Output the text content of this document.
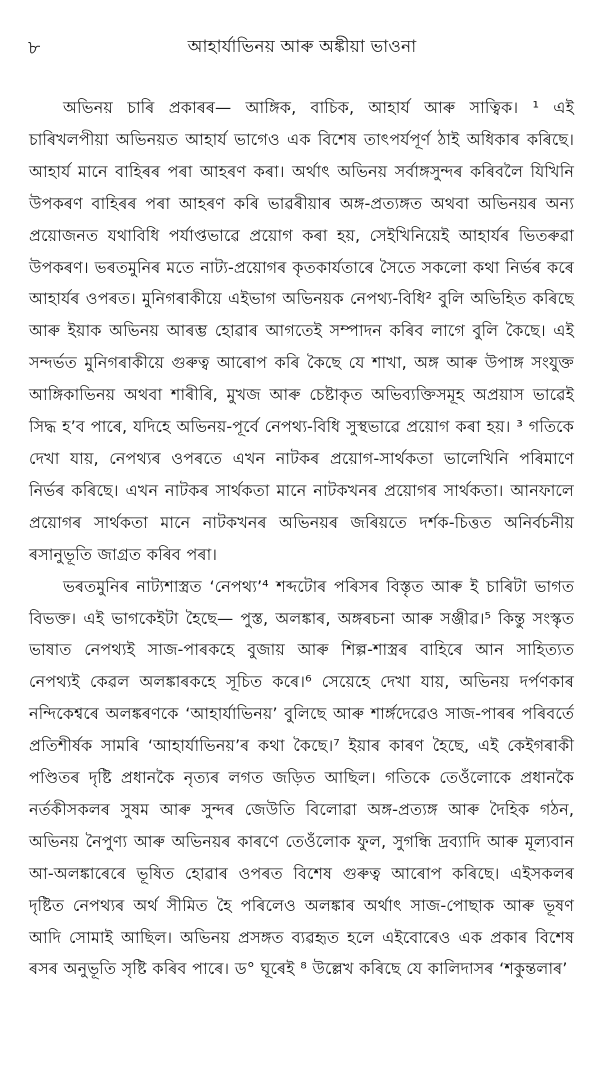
৮	আহাৰ্যাভিনয় আৰু অঙ্কীয়া ভাওনা

অভিনয় চাৰি প্ৰকাৰৰ— আঙ্গিক, বাচিক, আহাৰ্য আৰু সাত্বিক। ¹ এই চাৰিখলপীয়া অভিনয়ত আহাৰ্য ভাগেও এক বিশেষ তাৎপৰ্যপূৰ্ণ ঠাই অধিকাৰ কৰিছে। আহাৰ্য মানে বাহিৰৰ পৰা আহৰণ কৰা। অৰ্থাৎ অভিনয় সৰ্বাঙ্গসুন্দৰ কৰিবলৈ যিখিনি উপকৰণ বাহিৰৰ পৰা আহৰণ কৰি ভাৱৰীয়াৰ অঙ্গ-প্ৰত্যঙ্গত অথবা অভিনয়ৰ অন্য প্ৰয়োজনত যথাবিধি পৰ্যাপ্তভাৱে প্ৰয়োগ কৰা হয়, সেইখিনিয়েই আহাৰ্যৰ ভিতৰুৱা উপকৰণ। ভৰতমুনিৰ মতে নাট্য-প্ৰয়োগৰ কৃতকাৰ্যতাৰে সৈতে সকলো কথা নিৰ্ভৰ কৰে আহাৰ্যৰ ওপৰত। মুনিগৰাকীয়ে এইভাগ অভিনয়ক নেপথ্য-বিধি² বুলি অভিহিত কৰিছে আৰু ইয়াক অভিনয় আৰম্ভ হোৱাৰ আগতেই সম্পাদন কৰিব লাগে বুলি কৈছে। এই সন্দৰ্ভত মুনিগৰাকীয়ে গুৰুত্ব আৰোপ কৰি কৈছে যে শাখা, অঙ্গ আৰু উপাঙ্গ সংযুক্ত আঙ্গিকাভিনয় অথবা শাৰীৰি, মুখজ আৰু চেষ্টাকৃত অভিব্যক্তিসমূহ অপ্ৰয়াস ভাৱেই সিদ্ধ হ’ব পাৰে, যদিহে অভিনয়-পূৰ্বে নেপথ্য-বিধি সুস্থভাৱে প্ৰয়োগ কৰা হয়। ³ গতিকে দেখা যায়, নেপথ্যৰ ওপৰতে এখন নাটকৰ প্ৰয়োগ-সাৰ্থকতা ভালেখিনি পৰিমাণে নিৰ্ভৰ কৰিছে। এখন নাটকৰ সাৰ্থকতা মানে নাটকখনৰ প্ৰয়োগৰ সাৰ্থকতা। আনফালে প্ৰয়োগৰ সাৰ্থকতা মানে নাটকখনৰ অভিনয়ৰ জৰিয়তে দৰ্শক-চিত্তত অনিৰ্বচনীয় ৰসানুভূতি জাগ্ৰত কৰিব পৰা।

ভৰতমুনিৰ নাট্যশাস্ত্ৰত ‘নেপথ্য’⁴ শব্দটোৰ পৰিসৰ বিস্তৃত আৰু ই চাৰিটা ভাগত বিভক্ত। এই ভাগকেইটা হৈছে— পুস্ত, অলঙ্কাৰ, অঙ্গৰচনা আৰু সঞ্জীৱ।⁵ কিন্তু সংস্কৃত ভাষাত নেপথ্যই সাজ-পাৰকহে বুজায় আৰু শিল্প-শাস্ত্ৰৰ বাহিৰে আন সাহিত্যত নেপথ্যই কেৱল অলঙ্কাৰকহে সূচিত কৰে।⁶ সেয়েহে দেখা যায়, অভিনয় দৰ্পণকাৰ নন্দিকেশ্বৰে অলঙ্কৰণকে ‘আহাৰ্যাভিনয়’ বুলিছে আৰু শাৰ্ঙ্গদেৱেও সাজ-পাৰৰ পৰিবৰ্তে প্ৰতিশীৰ্ষক সামৰি ‘আহাৰ্যাভিনয়’ৰ কথা কৈছে।⁷ ইয়াৰ কাৰণ হৈছে, এই কেইগৰাকী পণ্ডিতৰ দৃষ্টি প্ৰধানকৈ নৃত্যৰ লগত জড়িত আছিল। গতিকে তেওঁলোকে প্ৰধানকৈ নৰ্তকীসকলৰ সুষম আৰু সুন্দৰ জেউতি বিলোৱা অঙ্গ-প্ৰত্যঙ্গ আৰু দৈহিক গঠন, অভিনয় নৈপুণ্য আৰু অভিনয়ৰ কাৰণে তেওঁলোক ফুল, সুগন্ধি দ্ৰব্যাদি আৰু মূল্যবান আ-অলঙ্কাৰেৰে ভূষিত হোৱাৰ ওপৰত বিশেষ গুৰুত্ব আৰোপ কৰিছে। এইসকলৰ দৃষ্টিত নেপথ্যৰ অৰ্থ সীমিত হৈ পৰিলেও অলঙ্কাৰ অৰ্থাৎ সাজ-পোছাক আৰু ভূষণ আদি সোমাই আছিল। অভিনয় প্ৰসঙ্গত ব্যৱহৃত হলে এইবোৰেও এক প্ৰকাৰ বিশেষ ৰসৰ অনুভূতি সৃষ্টি কৰিব পাৰে। ড° ঘূৰেই ⁸ উল্লেখ কৰিছে যে কালিদাসৰ ‘শকুন্তলাৰ’
